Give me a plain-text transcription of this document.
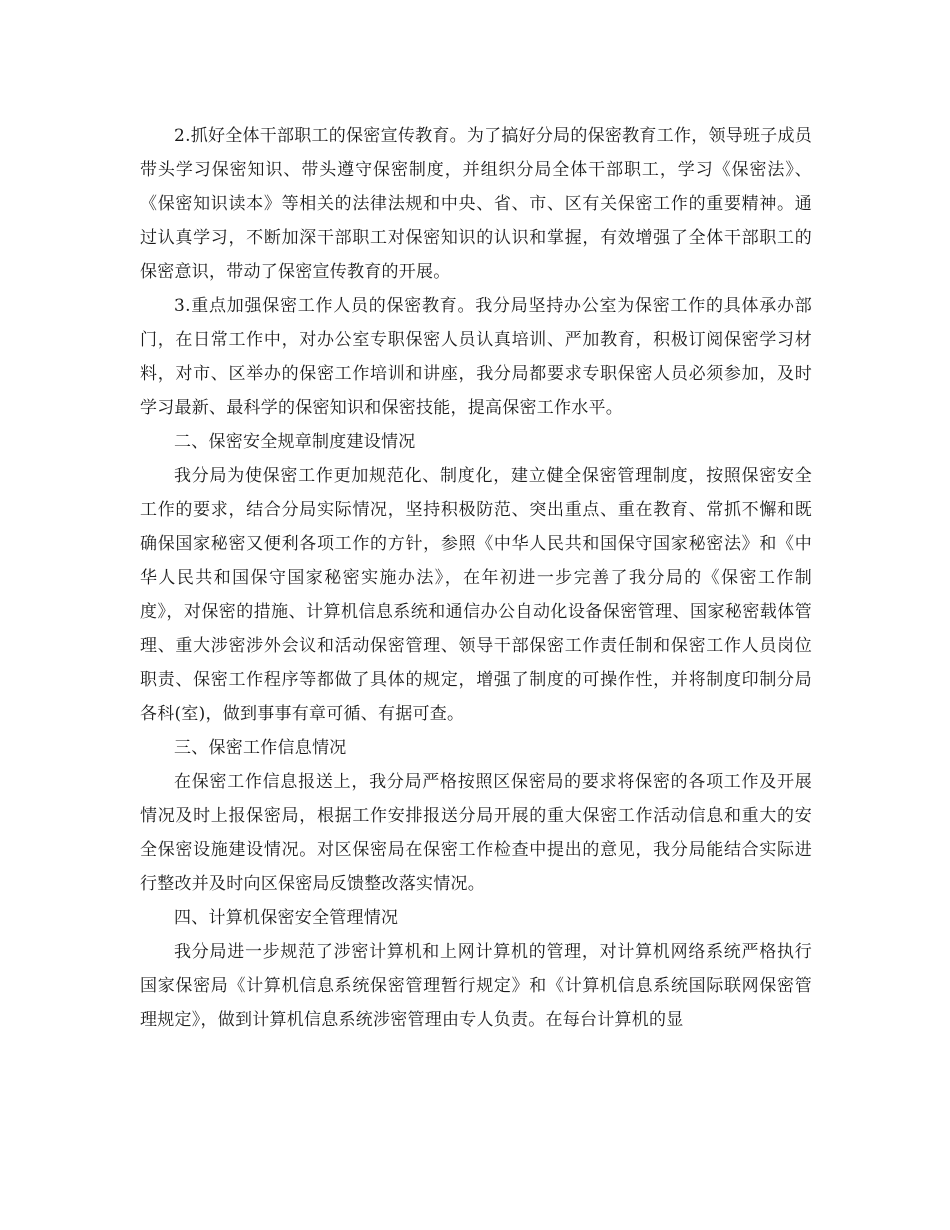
2.抓好全体干部职工的保密宣传教育。为了搞好分局的保密教育工作，领导班子成员带头学习保密知识、带头遵守保密制度，并组织分局全体干部职工，学习《保密法》、《保密知识读本》等相关的法律法规和中央、省、市、区有关保密工作的重要精神。通过认真学习，不断加深干部职工对保密知识的认识和掌握，有效增强了全体干部职工的保密意识，带动了保密宣传教育的开展。

3.重点加强保密工作人员的保密教育。我分局坚持办公室为保密工作的具体承办部门，在日常工作中，对办公室专职保密人员认真培训、严加教育，积极订阅保密学习材料，对市、区举办的保密工作培训和讲座，我分局都要求专职保密人员必须参加，及时学习最新、最科学的保密知识和保密技能，提高保密工作水平。

二、保密安全规章制度建设情况

我分局为使保密工作更加规范化、制度化，建立健全保密管理制度，按照保密安全工作的要求，结合分局实际情况，坚持积极防范、突出重点、重在教育、常抓不懈和既确保国家秘密又便利各项工作的方针，参照《中华人民共和国保守国家秘密法》和《中华人民共和国保守国家秘密实施办法》，在年初进一步完善了我分局的《保密工作制度》，对保密的措施、计算机信息系统和通信办公自动化设备保密管理、国家秘密载体管理、重大涉密涉外会议和活动保密管理、领导干部保密工作责任制和保密工作人员岗位职责、保密工作程序等都做了具体的规定，增强了制度的可操作性，并将制度印制分局各科(室)，做到事事有章可循、有据可查。

三、保密工作信息情况

在保密工作信息报送上，我分局严格按照区保密局的要求将保密的各项工作及开展情况及时上报保密局，根据工作安排报送分局开展的重大保密工作活动信息和重大的安全保密设施建设情况。对区保密局在保密工作检查中提出的意见，我分局能结合实际进行整改并及时向区保密局反馈整改落实情况。

四、计算机保密安全管理情况

我分局进一步规范了涉密计算机和上网计算机的管理，对计算机网络系统严格执行国家保密局《计算机信息系统保密管理暂行规定》和《计算机信息系统国际联网保密管理规定》，做到计算机信息系统涉密管理由专人负责。在每台计算机的显
